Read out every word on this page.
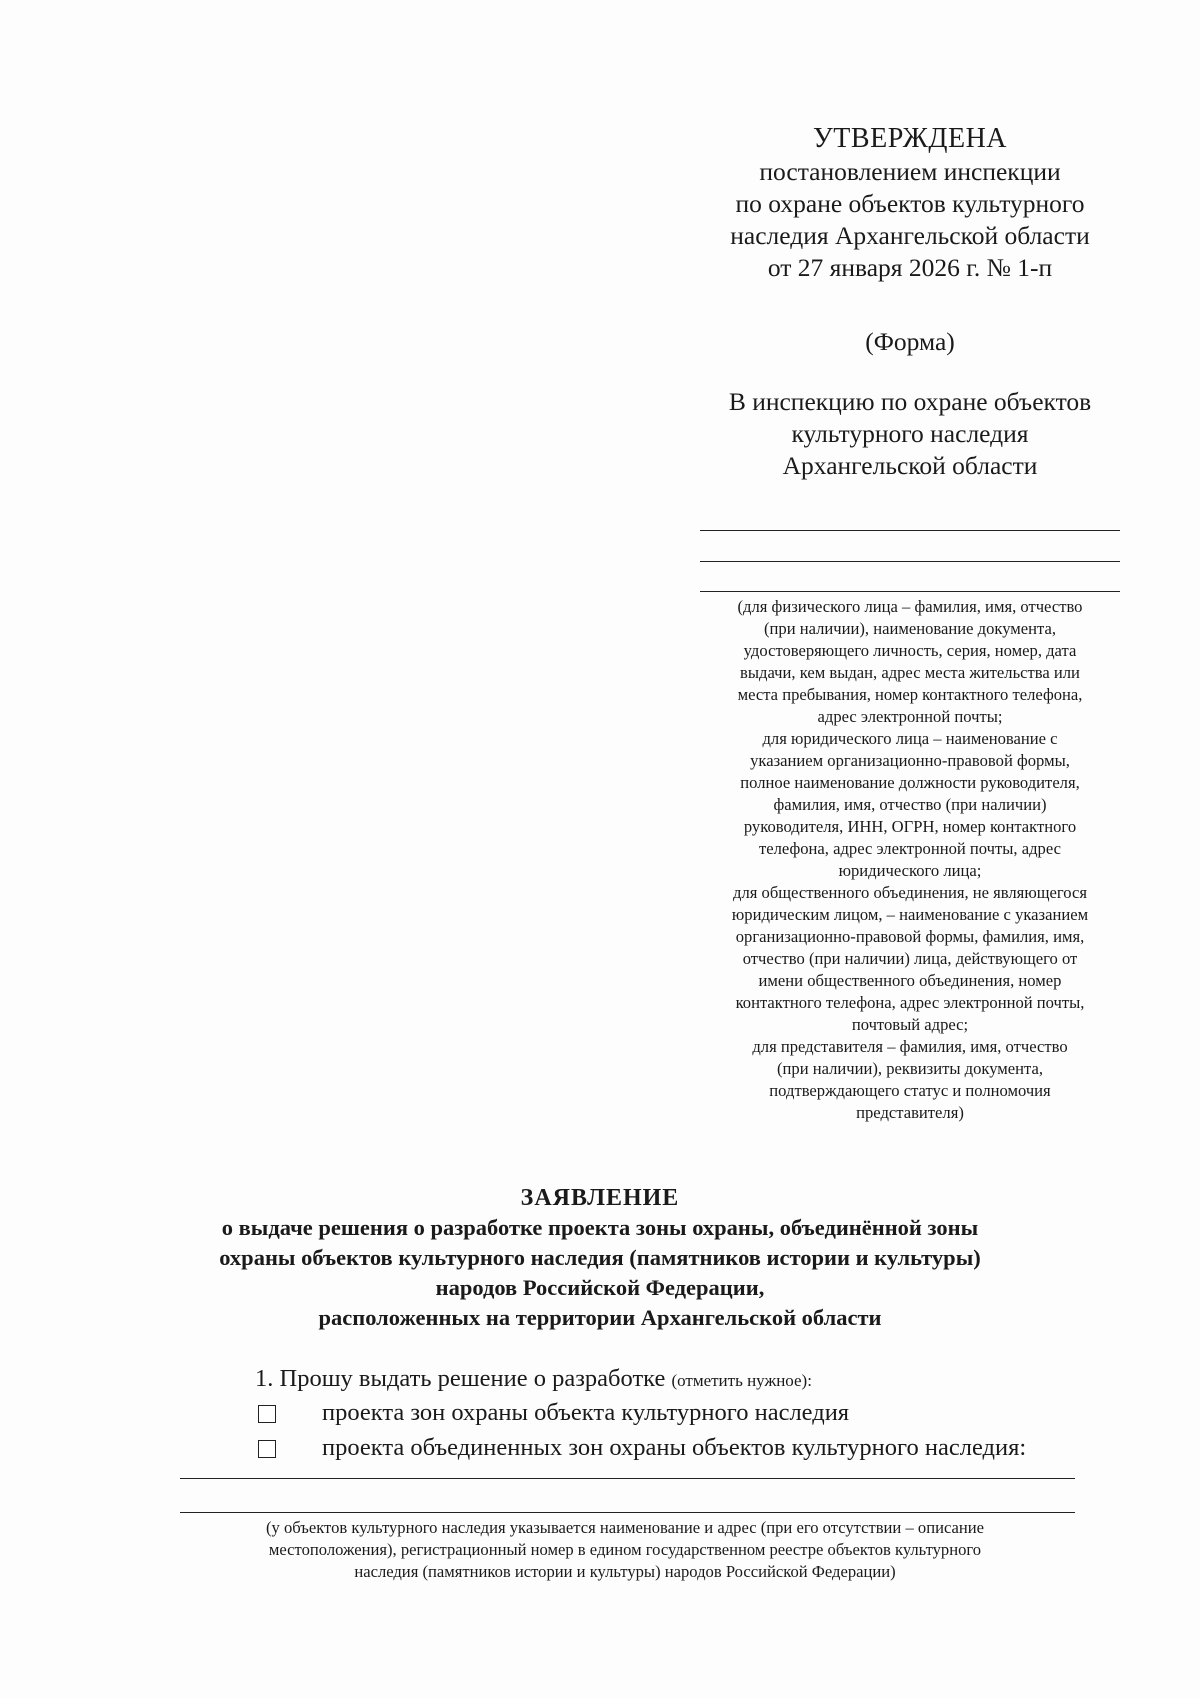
УТВЕРЖДЕНА
постановлением инспекции
по охране объектов культурного
наследия Архангельской области
от 27 января 2026 г. № 1-п
(Форма)
В инспекцию по охране объектов
культурного наследия
Архангельской области
(для физического лица – фамилия, имя, отчество
(при наличии), наименование документа,
удостоверяющего личность, серия, номер, дата
выдачи, кем выдан, адрес места жительства или
места пребывания, номер контактного телефона,
адрес электронной почты;
для юридического лица – наименование с
указанием организационно-правовой формы,
полное наименование должности руководителя,
фамилия, имя, отчество (при наличии)
руководителя, ИНН, ОГРН, номер контактного
телефона, адрес электронной почты, адрес
юридического лица;
для общественного объединения, не являющегося
юридическим лицом, – наименование с указанием
организационно-правовой формы, фамилия, имя,
отчество (при наличии) лица, действующего от
имени общественного объединения, номер
контактного телефона, адрес электронной почты,
почтовый адрес;
для представителя – фамилия, имя, отчество
(при наличии), реквизиты документа,
подтверждающего статус и полномочия
представителя)
ЗАЯВЛЕНИЕ
о выдаче решения о разработке проекта зоны охраны, объединённой зоны
охраны объектов культурного наследия (памятников истории и культуры)
народов Российской Федерации,
расположенных на территории Архангельской области
1. Прошу выдать решение о разработке (отметить нужное):
проекта зон охраны объекта культурного наследия
проекта объединенных зон охраны объектов культурного наследия:
(у объектов культурного наследия указывается наименование и адрес (при его отсутствии – описание
местоположения), регистрационный номер в едином государственном реестре объектов культурного
наследия (памятников истории и культуры) народов Российской Федерации)
